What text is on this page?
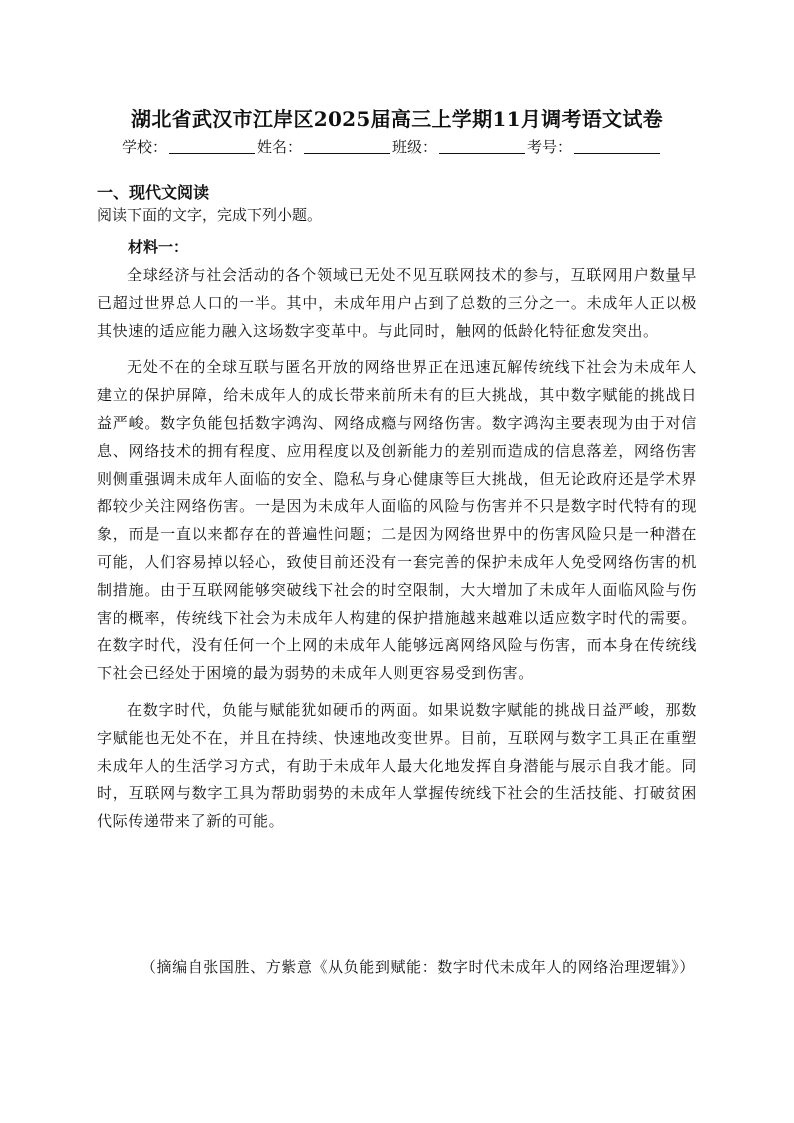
湖北省武汉市江岸区2025届高三上学期11月调考语文试卷
学校：	姓名：	班级：	考号：
一、现代文阅读
阅读下面的文字，完成下列小题。
材料一：

全球经济与社会活动的各个领域已无处不见互联网技术的参与，互联网用户数量早已超过世界总人口的一半。其中，未成年用户占到了总数的三分之一。未成年人正以极其快速的适应能力融入这场数字变革中。与此同时，触网的低龄化特征愈发突出。

无处不在的全球互联与匿名开放的网络世界正在迅速瓦解传统线下社会为未成年人建立的保护屏障，给未成年人的成长带来前所未有的巨大挑战，其中数字赋能的挑战日益严峻。数字负能包括数字鸿沟、网络成瘾与网络伤害。数字鸿沟主要表现为由于对信息、网络技术的拥有程度、应用程度以及创新能力的差别而造成的信息落差，网络伤害则侧重强调未成年人面临的安全、隐私与身心健康等巨大挑战，但无论政府还是学术界都较少关注网络伤害。一是因为未成年人面临的风险与伤害并不只是数字时代特有的现象，而是一直以来都存在的普遍性问题；二是因为网络世界中的伤害风险只是一种潜在可能，人们容易掉以轻心，致使目前还没有一套完善的保护未成年人免受网络伤害的机制措施。由于互联网能够突破线下社会的时空限制，大大增加了未成年人面临风险与伤害的概率，传统线下社会为未成年人构建的保护措施越来越难以适应数字时代的需要。在数字时代，没有任何一个上网的未成年人能够远离网络风险与伤害，而本身在传统线下社会已经处于困境的最为弱势的未成年人则更容易受到伤害。

在数字时代，负能与赋能犹如硬币的两面。如果说数字赋能的挑战日益严峻，那数字赋能也无处不在，并且在持续、快速地改变世界。目前，互联网与数字工具正在重塑未成年人的生活学习方式，有助于未成年人最大化地发挥自身潜能与展示自我才能。同时，互联网与数字工具为帮助弱势的未成年人掌握传统线下社会的生活技能、打破贫困代际传递带来了新的可能。

（摘编自张国胜、方紫意《从负能到赋能：数字时代未成年人的网络治理逻辑》）
